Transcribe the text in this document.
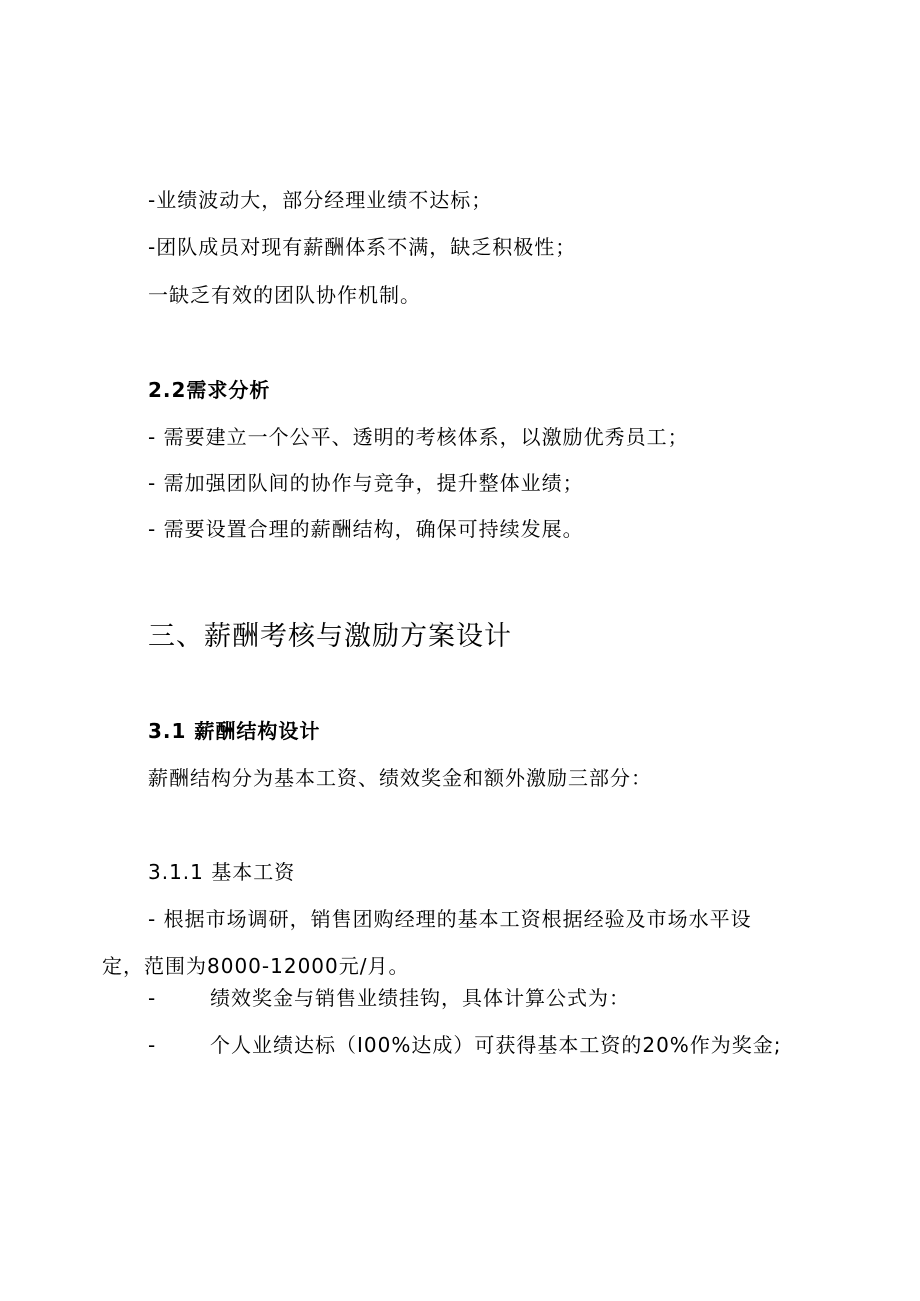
-业绩波动大，部分经理业绩不达标；
-团队成员对现有薪酬体系不满，缺乏积极性；
一缺乏有效的团队协作机制。
2.2需求分析
- 需要建立一个公平、透明的考核体系，以激励优秀员工；
- 需加强团队间的协作与竞争，提升整体业绩；
- 需要设置合理的薪酬结构，确保可持续发展。
三、薪酬考核与激励方案设计
3.1 薪酬结构设计
薪酬结构分为基本工资、绩效奖金和额外激励三部分：
3.1.1 基本工资
- 根据市场调研，销售团购经理的基本工资根据经验及市场水平设
定，范围为8000-12000元/月。
-	绩效奖金与销售业绩挂钩，具体计算公式为：
-	个人业绩达标（I00%达成）可获得基本工资的20%作为奖金;
